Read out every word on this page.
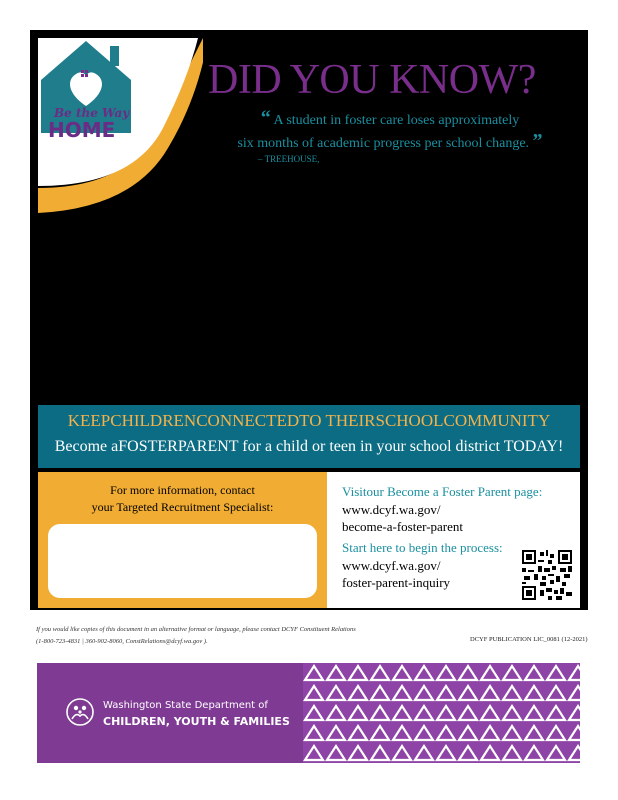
Be the Way
HOME
DID YOU KNOW?
“ A student in foster care loses approximately
six months of academic progress per school change. ”
– TREEHOUSE,
KEEPCHILDRENCONNECTEDTO THEIRSCHOOLCOMMUNITY
Become aFOSTERPARENT for a child or teen in your school district TODAY!
For more information, contact
your Targeted Recruitment Specialist:
Visitour Become a Foster Parent page:
www.dcyf.wa.gov/
become-a-foster-parent
Start here to begin the process:
www.dcyf.wa.gov/
foster-parent-inquiry
If you would like copies of this document in an alternative format or language, please contact DCYF Constituent Relations
(1-800-723-4831 | 360-902-8060, ConstRelations@dcyf.wa.gov ).	DCYF PUBLICATION LIC_0081 (12-2021)
Washington State Department of
CHILDREN, YOUTH & FAMILIES
